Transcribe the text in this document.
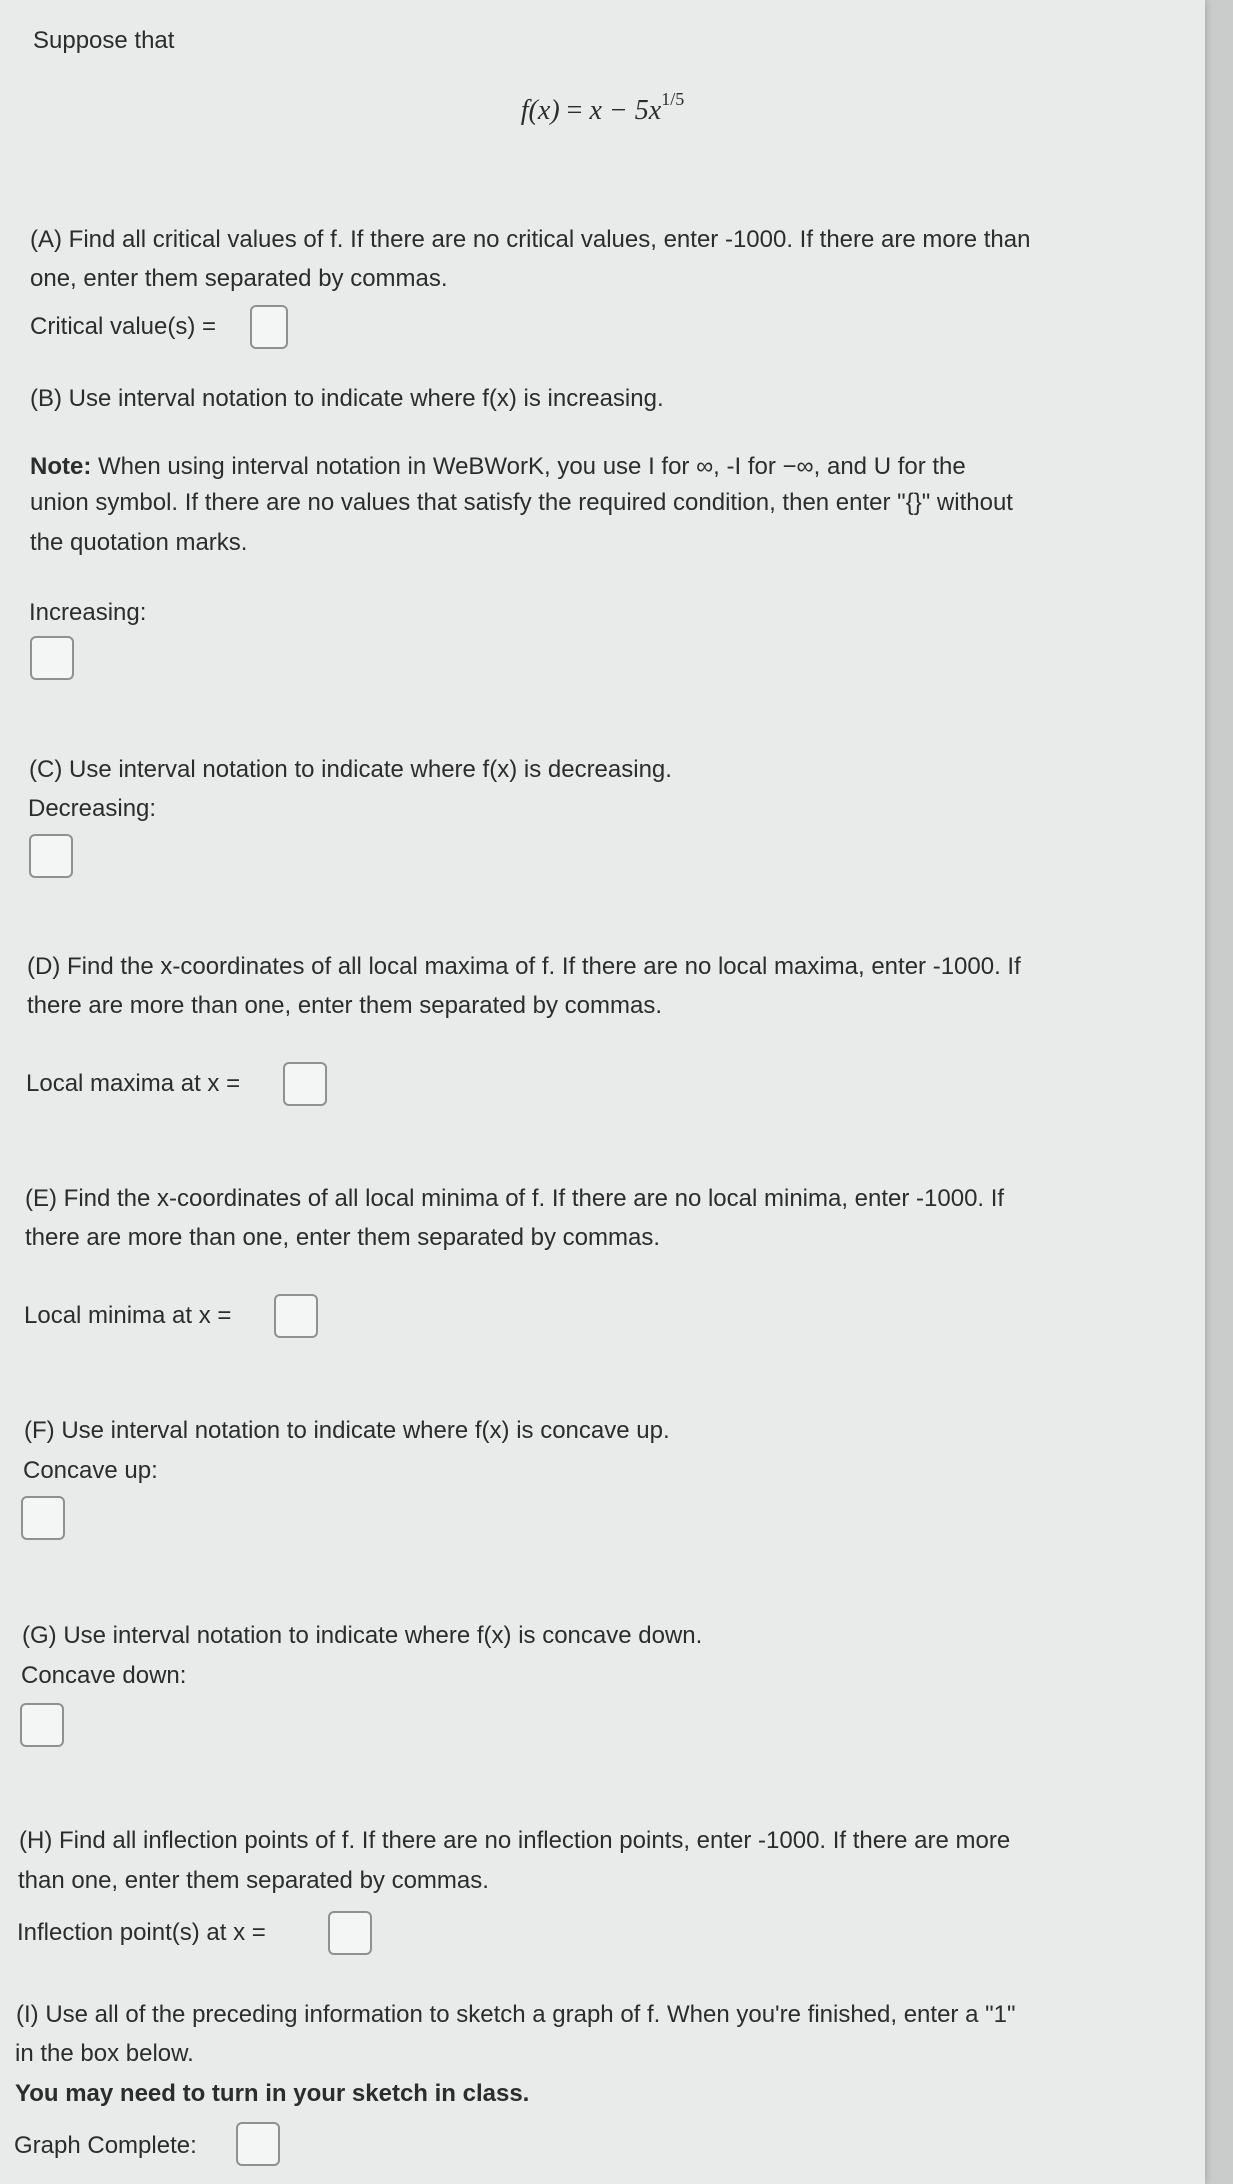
Suppose that
$f(x) = x - 5x^{1/5}$
(A) Find all critical values of f. If there are no critical values, enter -1000. If there are more than
one, enter them separated by commas.
Critical value(s) =
(B) Use interval notation to indicate where f(x) is increasing.
Note: When using interval notation in WeBWorK, you use I for ∞, -I for −∞, and U for the
union symbol. If there are no values that satisfy the required condition, then enter "{}" without
the quotation marks.
Increasing:
(C) Use interval notation to indicate where f(x) is decreasing.
Decreasing:
(D) Find the x-coordinates of all local maxima of f. If there are no local maxima, enter -1000. If
there are more than one, enter them separated by commas.
Local maxima at x =
(E) Find the x-coordinates of all local minima of f. If there are no local minima, enter -1000. If
there are more than one, enter them separated by commas.
Local minima at x =
(F) Use interval notation to indicate where f(x) is concave up.
Concave up:
(G) Use interval notation to indicate where f(x) is concave down.
Concave down:
(H) Find all inflection points of f. If there are no inflection points, enter -1000. If there are more
than one, enter them separated by commas.
Inflection point(s) at x =
(I) Use all of the preceding information to sketch a graph of f. When you're finished, enter a "1"
in the box below.
You may need to turn in your sketch in class.
Graph Complete:
